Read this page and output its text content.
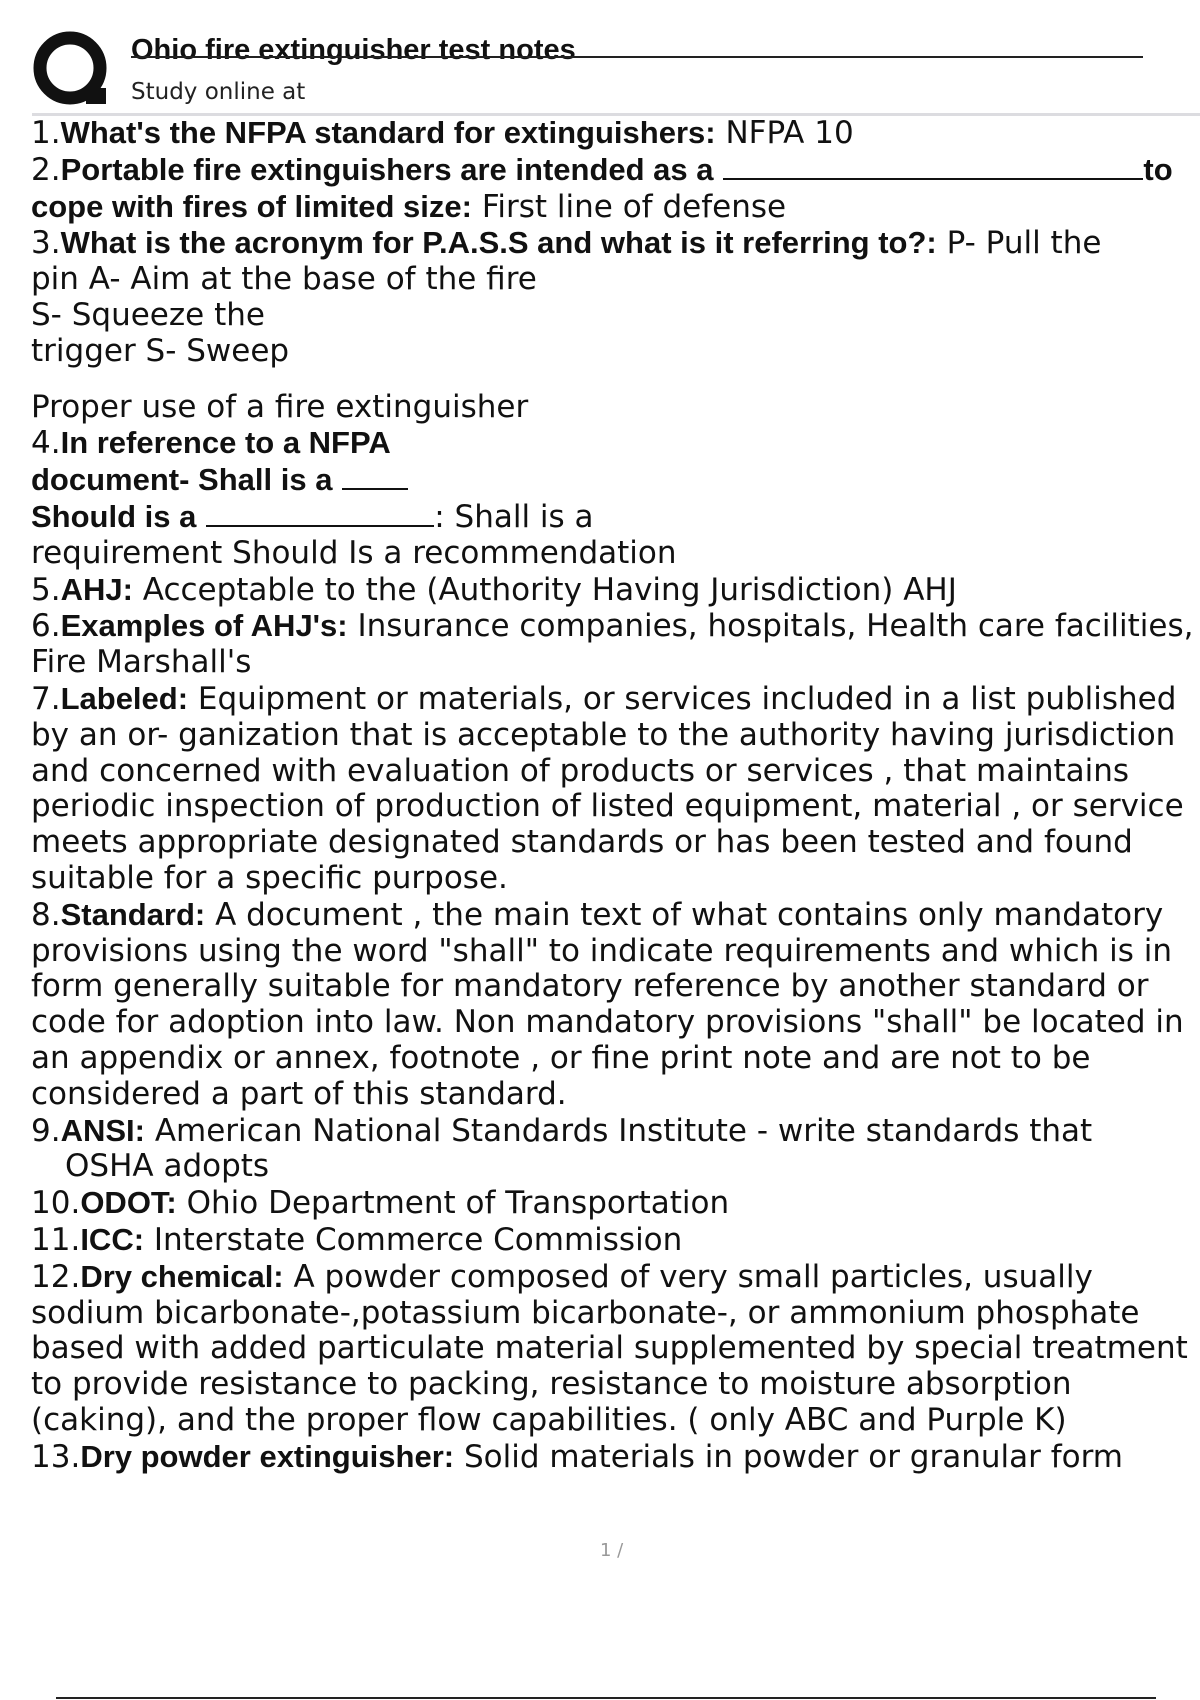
Ohio fire extinguisher test notes
Study online at

1.What's the NFPA standard for extinguishers: NFPA 10

2.Portable fire extinguishers are intended as a	to

cope with fires of limited size: First line of defense

3.What is the acronym for P.A.S.S and what is it referring to?: P- Pull the

pin A- Aim at the base of the fire

S- Squeeze the

trigger S- Sweep

Proper use of a fire extinguisher

4.In reference to a NFPA

document- Shall is a

Should is a	: Shall is a

requirement Should Is a recommendation

5.AHJ: Acceptable to the (Authority Having Jurisdiction) AHJ

6.Examples of AHJ's: Insurance companies, hospitals, Health care facilities, Fire Marshall's

7.Labeled: Equipment or materials, or services included in a list published by an or- ganization that is acceptable to the authority having jurisdiction and concerned with evaluation of products or services , that maintains periodic inspection of production of listed equipment, material , or service meets appropriate designated standards or has been tested and found suitable for a specific purpose.

8.Standard: A document , the main text of what contains only mandatory provisions using the word "shall" to indicate requirements and which is in form generally suitable for mandatory reference by another standard or code for adoption into law. Non mandatory provisions "shall" be located in an appendix or annex, footnote , or fine print note and are not to be considered a part of this standard.

9.ANSI: American National Standards Institute - write standards that

OSHA adopts

10.ODOT: Ohio Department of Transportation

11.ICC: Interstate Commerce Commission

12.Dry chemical: A powder composed of very small particles, usually sodium bicarbonate-,potassium bicarbonate-, or ammonium phosphate based with added particulate material supplemented by special treatment to provide resistance to packing, resistance to moisture absorption (caking), and the proper flow capabilities. ( only ABC and Purple K)

13.Dry powder extinguisher: Solid materials in powder or granular form

1 /
